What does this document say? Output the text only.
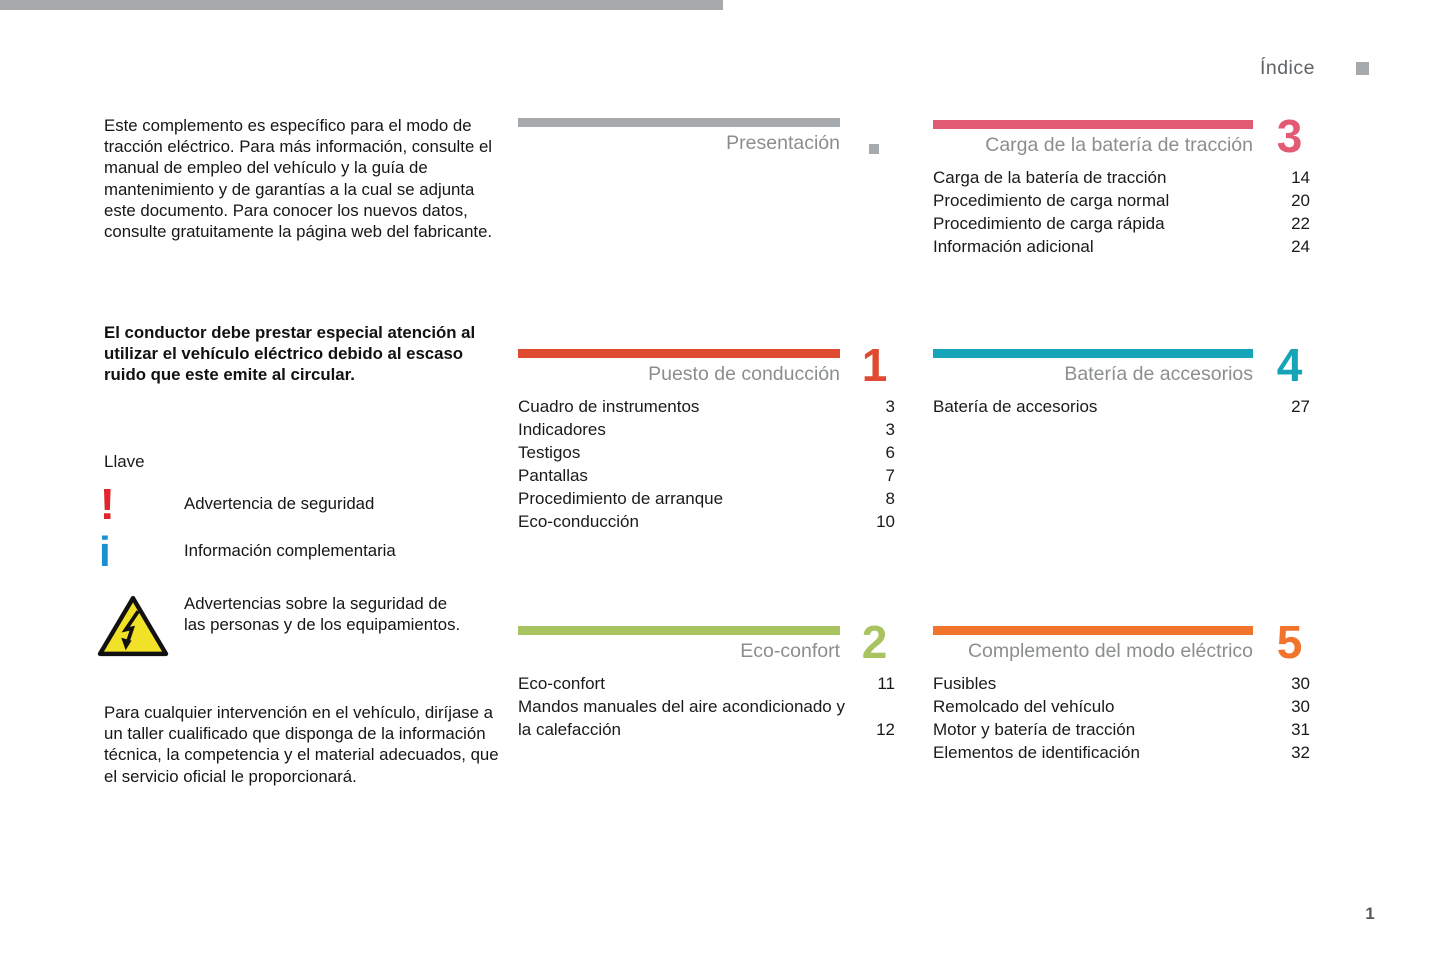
Índice

Este complemento es específico para el modo de tracción eléctrico. Para más información, consulte el manual de empleo del vehículo y la guía de mantenimiento y de garantías a la cual se adjunta este documento. Para conocer los nuevos datos, consulte gratuitamente la página web del fabricante.

El conductor debe prestar especial atención al utilizar el vehículo eléctrico debido al escaso ruido que este emite al circular.

Llave
!	Advertencia de seguridad
i	Información complementaria
Advertencias sobre la seguridad de las personas y de los equipamientos.

Para cualquier intervención en el vehículo, diríjase a un taller cualificado que disponga de la información técnica, la competencia y el material adecuados, que el servicio oficial le proporcionará.

Presentación
1
Puesto de conducción
Cuadro de instrumentos	3
Indicadores	3
Testigos	6
Pantallas	7
Procedimiento de arranque	8
Eco-conducción	10
2
Eco-confort
Eco-confort	11
Mandos manuales del aire acondicionado y la calefacción	12
3
Carga de la batería de tracción
Carga de la batería de tracción	14
Procedimiento de carga normal	20
Procedimiento de carga rápida	22
Información adicional	24
4
Batería de accesorios
Batería de accesorios	27
5
Complemento del modo eléctrico
Fusibles	30
Remolcado del vehículo	30
Motor y batería de tracción	31
Elementos de identificación	32
1
